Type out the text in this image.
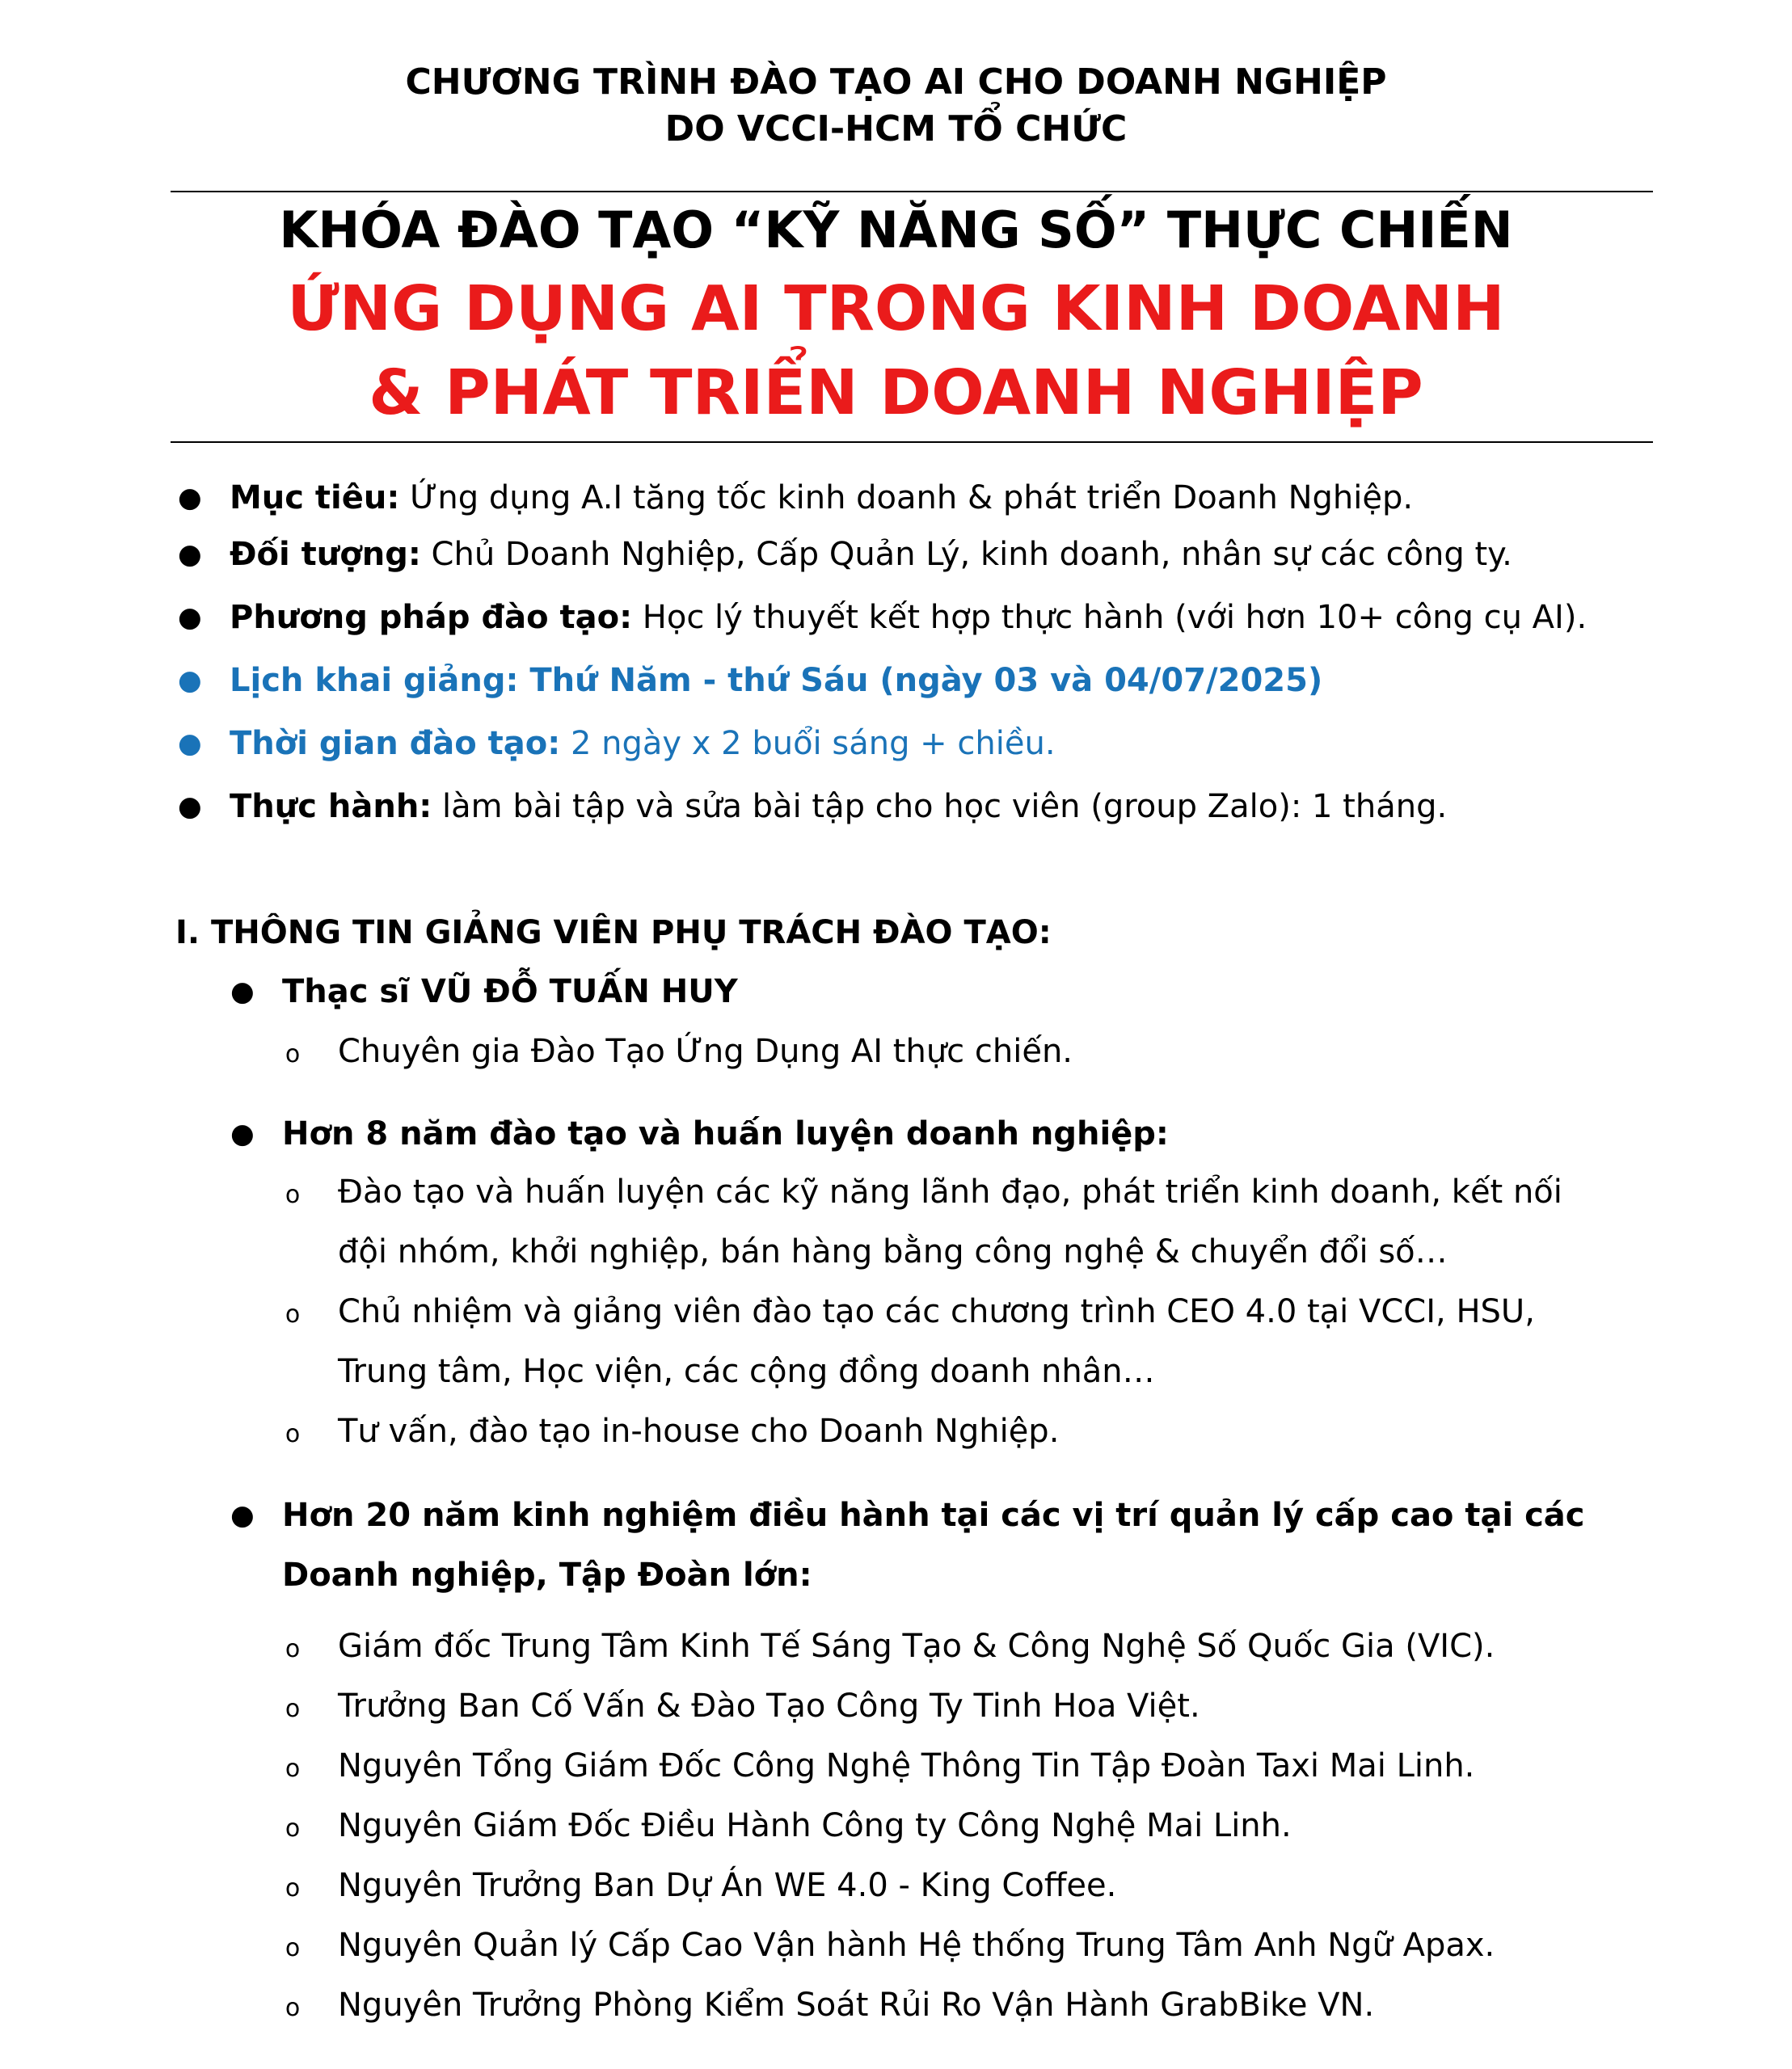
CHƯƠNG TRÌNH ĐÀO TẠO AI CHO DOANH NGHIỆP
DO VCCI-HCM TỔ CHỨC
KHÓA ĐÀO TẠO “KỸ NĂNG SỐ” THỰC CHIẾN
ỨNG DỤNG AI TRONG KINH DOANH
& PHÁT TRIỂN DOANH NGHIỆP
● Mục tiêu: Ứng dụng A.I tăng tốc kinh doanh & phát triển Doanh Nghiệp.
● Đối tượng: Chủ Doanh Nghiệp, Cấp Quản Lý, kinh doanh, nhân sự các công ty.
● Phương pháp đào tạo: Học lý thuyết kết hợp thực hành (với hơn 10+ công cụ AI).
● Lịch khai giảng: Thứ Năm - thứ Sáu (ngày 03 và 04/07/2025)
● Thời gian đào tạo: 2 ngày x 2 buổi sáng + chiều.
● Thực hành: làm bài tập và sửa bài tập cho học viên (group Zalo): 1 tháng.
I. THÔNG TIN GIẢNG VIÊN PHỤ TRÁCH ĐÀO TẠO:
● Thạc sĩ VŨ ĐỖ TUẤN HUY
o Chuyên gia Đào Tạo Ứng Dụng AI thực chiến.
● Hơn 8 năm đào tạo và huấn luyện doanh nghiệp:
o Đào tạo và huấn luyện các kỹ năng lãnh đạo, phát triển kinh doanh, kết nối
đội nhóm, khởi nghiệp, bán hàng bằng công nghệ & chuyển đổi số…
o Chủ nhiệm và giảng viên đào tạo các chương trình CEO 4.0 tại VCCI, HSU,
Trung tâm, Học viện, các cộng đồng doanh nhân…
o Tư vấn, đào tạo in-house cho Doanh Nghiệp.
● Hơn 20 năm kinh nghiệm điều hành tại các vị trí quản lý cấp cao tại các
Doanh nghiệp, Tập Đoàn lớn:
o Giám đốc Trung Tâm Kinh Tế Sáng Tạo & Công Nghệ Số Quốc Gia (VIC).
o Trưởng Ban Cố Vấn & Đào Tạo Công Ty Tinh Hoa Việt.
o Nguyên Tổng Giám Đốc Công Nghệ Thông Tin Tập Đoàn Taxi Mai Linh.
o Nguyên Giám Đốc Điều Hành Công ty Công Nghệ Mai Linh.
o Nguyên Trưởng Ban Dự Án WE 4.0 - King Coffee.
o Nguyên Quản lý Cấp Cao Vận hành Hệ thống Trung Tâm Anh Ngữ Apax.
o Nguyên Trưởng Phòng Kiểm Soát Rủi Ro Vận Hành GrabBike VN.
